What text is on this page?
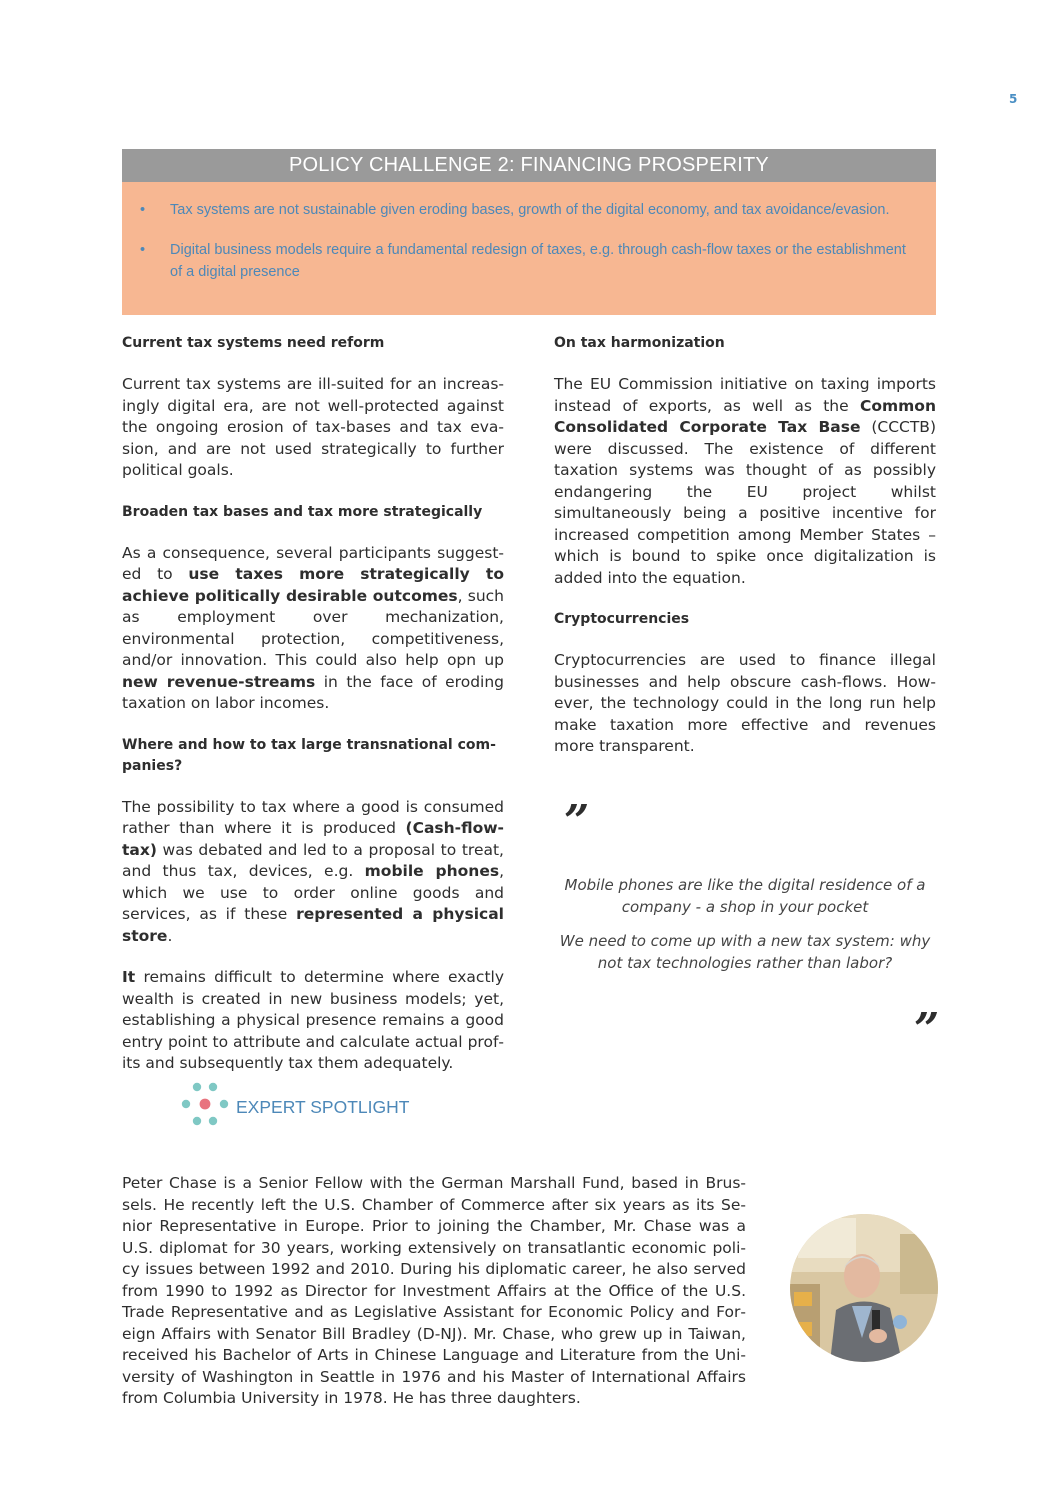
5
POLICY CHALLENGE 2: FINANCING PROSPERITY
• Tax systems are not sustainable given eroding bases, growth of the digital economy, and tax avoidance/evasion.
• Digital business models require a fundamental redesign of taxes, e.g. through cash-flow taxes or the establishment of a digital presence
Current tax systems need reform

Current tax systems are ill-suited for an increasingly digital era, are not well-protected against the ongoing erosion of tax-bases and tax evasion, and are not used strategically to further political goals.

Broaden tax bases and tax more strategically

As a consequence, several participants suggested to use taxes more strategically to achieve politically desirable outcomes, such as employment over mechanization, environmental protection, competitiveness, and/or innovation. This could also help opn up new revenue-streams in the face of eroding taxation on labor incomes.

Where and how to tax large transnational companies?

The possibility to tax where a good is consumed rather than where it is produced (Cash-flow-tax) was debated and led to a proposal to treat, and thus tax, devices, e.g. mobile phones, which we use to order online goods and services, as if these represented a physical store.

It remains difficult to determine where exactly wealth is created in new business models; yet, establishing a physical presence remains a good entry point to attribute and calculate actual profits and subsequently tax them adequately.

On tax harmonization

The EU Commission initiative on taxing imports instead of exports, as well as the Common Consolidated Corporate Tax Base (CCCTB) were discussed. The existence of different taxation systems was thought of as possibly endangering the EU project whilst simultaneously being a positive incentive for increased competition among Member States – which is bound to spike once digitalization is added into the equation.

Cryptocurrencies

Cryptocurrencies are used to finance illegal businesses and help obscure cash-flows. However, the technology could in the long run help make taxation more effective and revenues more transparent.

”

Mobile phones are like the digital residence of a company - a shop in your pocket

We need to come up with a new tax system: why not tax technologies rather than labor?

”
EXPERT SPOTLIGHT
Peter Chase is a Senior Fellow with the German Marshall Fund, based in Brussels. He recently left the U.S. Chamber of Commerce after six years as its Senior Representative in Europe. Prior to joining the Chamber, Mr. Chase was a U.S. diplomat for 30 years, working extensively on transatlantic economic policy issues between 1992 and 2010. During his diplomatic career, he also served from 1990 to 1992 as Director for Investment Affairs at the Office of the U.S. Trade Representative and as Legislative Assistant for Economic Policy and Foreign Affairs with Senator Bill Bradley (D-NJ). Mr. Chase, who grew up in Taiwan, received his Bachelor of Arts in Chinese Language and Literature from the University of Washington in Seattle in 1976 and his Master of International Affairs from Columbia University in 1978. He has three daughters.
